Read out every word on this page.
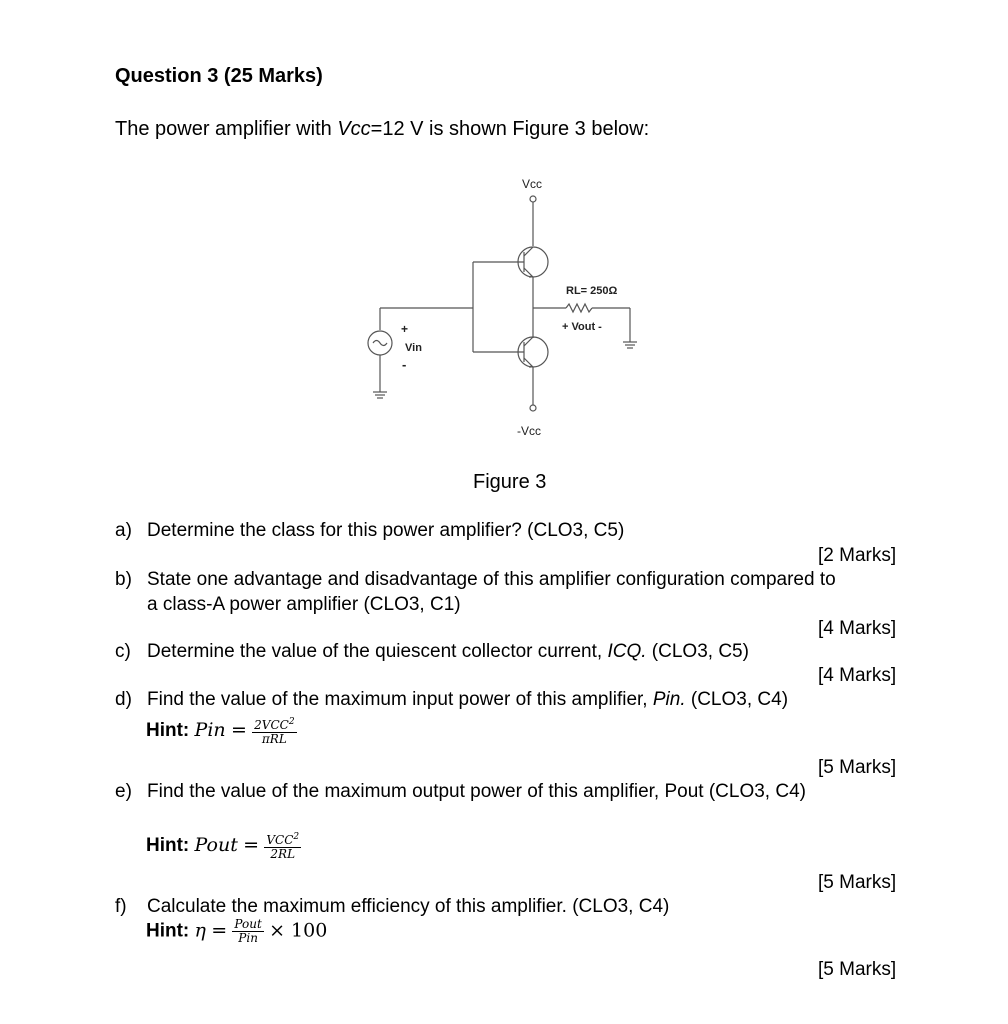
Question 3 (25 Marks)
The power amplifier with Vcc=12 V is shown Figure 3 below:
Vcc
-Vcc
RL= 250Ω
+ Vout -
+
Vin
-
Figure 3
a) Determine the class for this power amplifier? (CLO3, C5)
[2 Marks]
b) State one advantage and disadvantage of this amplifier configuration compared to
a class-A power amplifier (CLO3, C1)
[4 Marks]
c) Determine the value of the quiescent collector current, ICQ. (CLO3, C5)
[4 Marks]
d) Find the value of the maximum input power of this amplifier, Pin. (CLO3, C4)
Hint: Pin = $\frac{2VCC^2}{\text{πRL}}$
[5 Marks]
e) Find the value of the maximum output power of this amplifier, Pout (CLO3, C4)
Hint: Pout = $\frac{VCC^2}{2RL}$
[5 Marks]
f) Calculate the maximum efficiency of this amplifier. (CLO3, C4)
Hint: $\eta = \frac{\text{Pout}}{\text{Pin}} \times 100$
[5 Marks]
